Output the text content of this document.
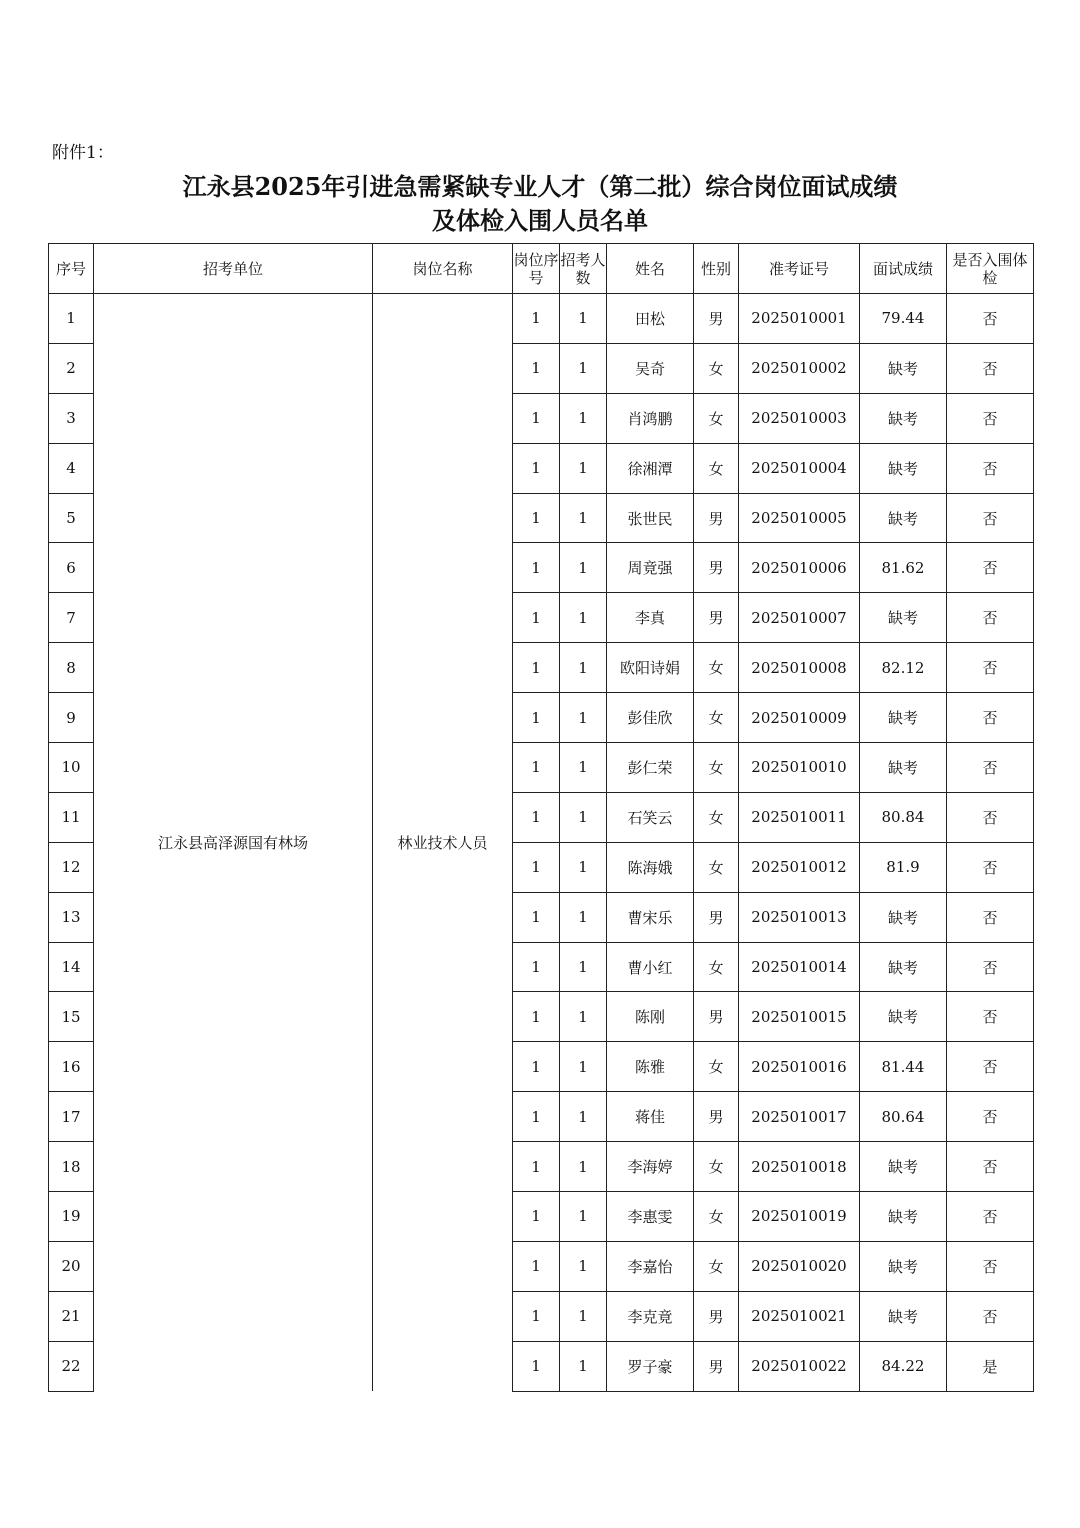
附件1：
江永县2025年引进急需紧缺专业人才（第二批）综合岗位面试成绩
及体检入围人员名单
序号	招考单位	岗位名称	岗位序号	招考人数	姓名	性别	准考证号	面试成绩	是否入围体检
1	江永县高泽源国有林场	林业技术人员	1	1	田松	男	2025010001	79.44	否
2			1	1	吴奇	女	2025010002	缺考	否
3			1	1	肖鸿鹏	女	2025010003	缺考	否
4			1	1	徐湘潭	女	2025010004	缺考	否
5			1	1	张世民	男	2025010005	缺考	否
6			1	1	周竟强	男	2025010006	81.62	否
7			1	1	李真	男	2025010007	缺考	否
8			1	1	欧阳诗娟	女	2025010008	82.12	否
9			1	1	彭佳欣	女	2025010009	缺考	否
10			1	1	彭仁荣	女	2025010010	缺考	否
11			1	1	石笑云	女	2025010011	80.84	否
12			1	1	陈海娥	女	2025010012	81.9	否
13			1	1	曹宋乐	男	2025010013	缺考	否
14			1	1	曹小红	女	2025010014	缺考	否
15			1	1	陈刚	男	2025010015	缺考	否
16			1	1	陈雅	女	2025010016	81.44	否
17			1	1	蒋佳	男	2025010017	80.64	否
18			1	1	李海婷	女	2025010018	缺考	否
19			1	1	李惠雯	女	2025010019	缺考	否
20			1	1	李嘉怡	女	2025010020	缺考	否
21			1	1	李克竟	男	2025010021	缺考	否
22			1	1	罗子豪	男	2025010022	84.22	是
